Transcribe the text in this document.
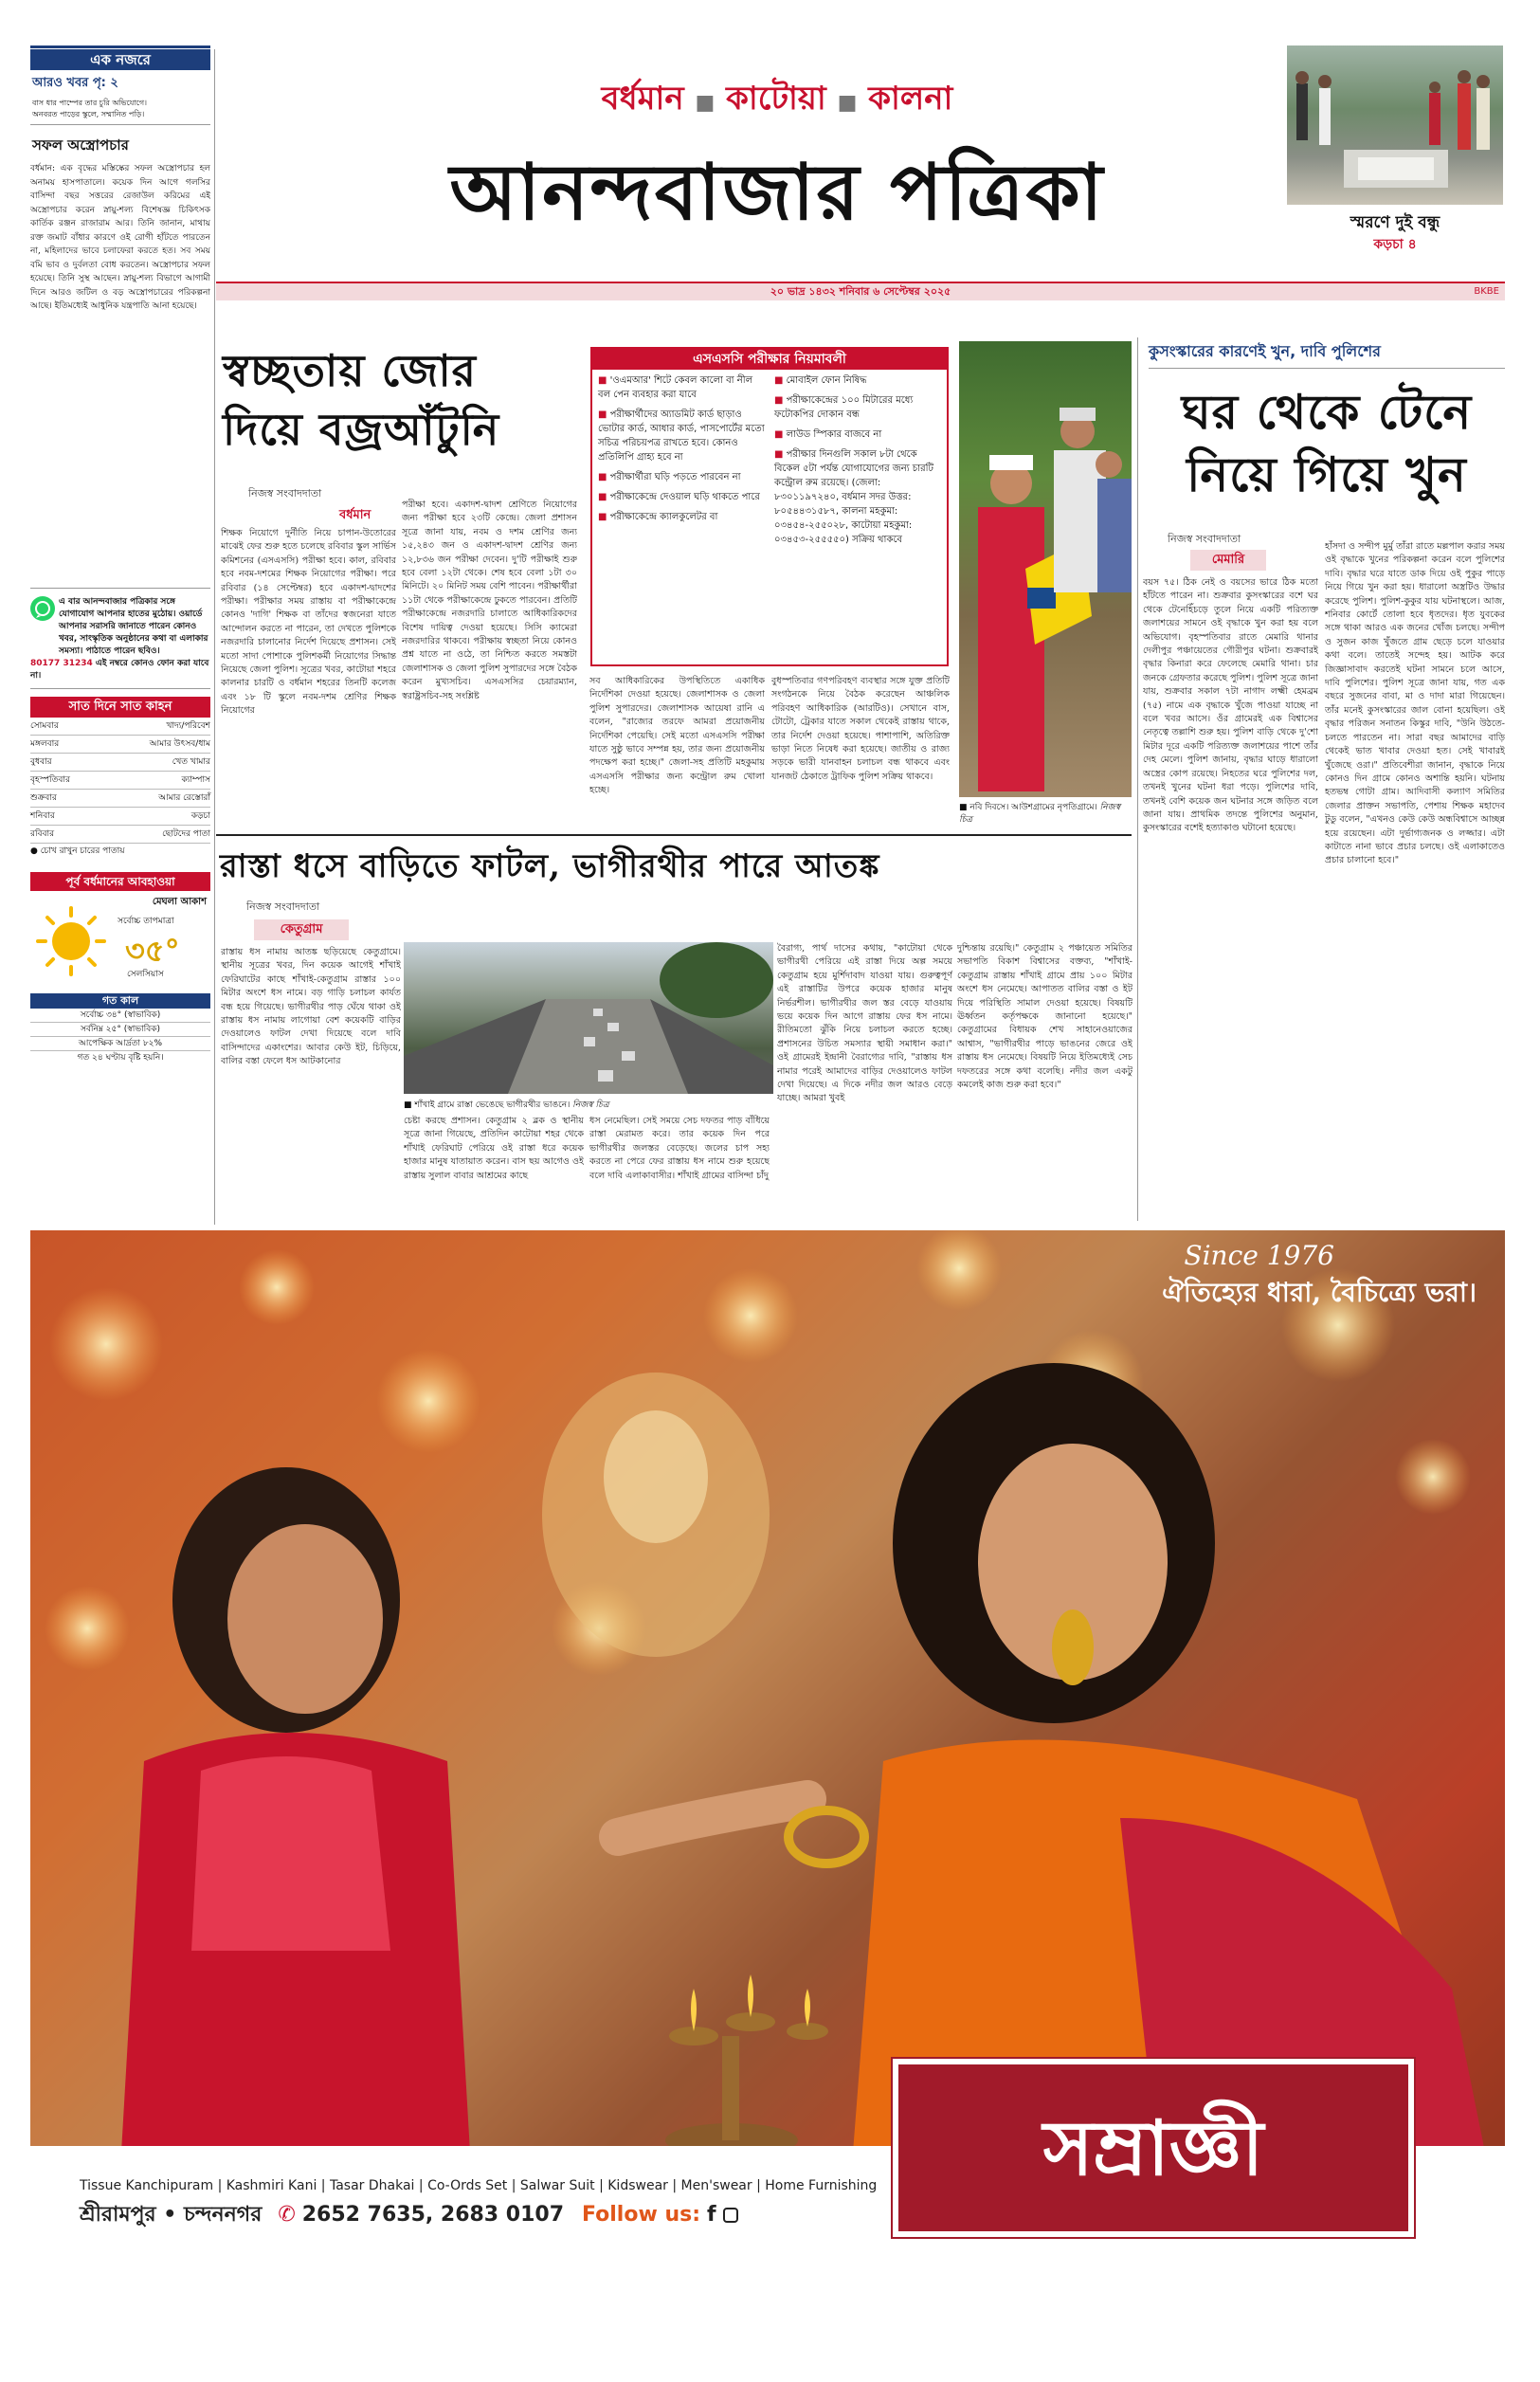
বর্ধমান ■ কাটোয়া ■ কালনা
আনন্দবাজার পত্রিকা
২০ ভাদ্র ১৪৩২ শনিবার ৬ সেপ্টেম্বর ২০২৫	BKBE
স্মরণে দুই বন্ধু
কড়চা ৪
এক নজরে
আরও খবর পৃ: ২
বাস ধার পাম্পের তার চুরি অভিযোগে।
অনবরত পাড়ের স্কুলে, সম্মানিত পড়ি।
সফল অস্ত্রোপচার
বর্ধমান: এক বৃদ্ধের মস্তিষ্কের সফল অস্ত্রোপচার হল অনাময় হাসপাতালে। কয়েক দিন আগে গলসির বাসিন্দা বছর সত্তরের রেজাউল করিমের এই অস্ত্রোপচার করেন স্নায়ু-শল্য বিশেষজ্ঞ চিকিৎসক কার্তিক রঞ্জন রাজারাম আর। তিনি জানান, মাথায় রক্ত জমাট বাঁধার কারণে ওই রোগী হাঁটতে পারতেন না, মহিলাদের ভাবে চলাফেরা করতে হত। সব সময় বমি ভাব ও দুর্বলতা বোধ করতেন। অস্ত্রোপচার সফল হয়েছে। তিনি সুস্থ আছেন। স্নায়ু-শল্য বিভাগে আগামী দিনে আরও জটিল ও বড় অস্ত্রোপচারের পরিকল্পনা আছে। ইতিমধ্যেই আধুনিক যন্ত্রপাতি আনা হয়েছে।
এ বার আনন্দবাজার পত্রিকার সঙ্গে যোগাযোগ আপনার হাতের মুঠোয়। ওয়ার্ডে আপনার সরাসরি জানাতে পারেন কোনও খবর, সাংস্কৃতিক অনুষ্ঠানের কথা বা এলাকার সমস্যা। পাঠাতে পারেন ছবিও।
80177 31234 এই নম্বরে কোনও ফোন করা যাবে না।
সাত দিনে সাত কাহন
সোমবার	খাদ্য/পরিবেশ
মঙ্গলবার	আমার উৎসব/ধাম
বুধবার	খেত খামার
বৃহস্পতিবার	ক্যাম্পাস
শুক্রবার	আমার রেস্তোরাঁ
শনিবার	কড়চা
রবিবার	ছোটদের পাতা
● চোখ রাখুন চারের পাতায়
পূর্ব বর্ধমানের আবহাওয়া
মেঘলা আকাশ
সর্বোচ্চ তাপমাত্রা
৩৫°
সেলসিয়াস
গত কাল
সর্বোচ্চ ৩৪° (স্বাভাবিক)
সর্বনিম্ন ২৫° (স্বাভাবিক)
আপেক্ষিক আর্দ্রতা ৮২%
গত ২৪ ঘণ্টায় বৃষ্টি হয়নি।
স্বচ্ছতায় জোর
দিয়ে বজ্রআঁটুনি
নিজস্ব সংবাদদাতা
বর্ধমান
শিক্ষক নিয়োগে দুর্নীতি নিয়ে চাপান-উতোরের মাঝেই ফের শুরু হতে চলেছে রবিবার স্কুল সার্ভিস কমিশনের (এসএসসি) পরীক্ষা হবে। কাল, রবিবার হবে নবম-দশমের শিক্ষক নিয়োগের পরীক্ষা। পরে রবিবার (১৪ সেপ্টেম্বর) হবে একাদশ-দ্বাদশের পরীক্ষা। পরীক্ষার সময় রাস্তায় বা পরীক্ষাকেন্দ্রে কোনও 'দাগি' শিক্ষক বা তাঁদের স্বজনেরা যাতে আন্দোলন করতে না পারেন, তা দেখতে পুলিশকে নজরদারি চালানোর নির্দেশ দিয়েছে প্রশাসন। সেই মতো সাদা পোশাকে পুলিশকর্মী নিয়োগের সিদ্ধান্ত নিয়েছে জেলা পুলিশ। সূত্রের খবর, কাটোয়া শহরে কালনার চারটি ও বর্ধমান শহরের তিনটি কলেজ এবং ১৮ টি স্কুলে নবম-দশম শ্রেণির শিক্ষক নিয়োগের
পরীক্ষা হবে। একাদশ-দ্বাদশ শ্রেণিতে নিয়োগের জন্য পরীক্ষা হবে ২৩টি কেন্দ্রে। জেলা প্রশাসন সূত্রে জানা যায়, নবম ও দশম শ্রেণির জন্য ১৫,২৪৩ জন ও একাদশ-দ্বাদশ শ্রেণির জন্য ১২,৮৩৬ জন পরীক্ষা দেবেন। দু'টি পরীক্ষাই শুরু হবে বেলা ১২টা থেকে। শেষ হবে বেলা ১টা ৩০ মিনিটে। ২০ মিনিট সময় বেশি পাবেন। পরীক্ষার্থীরা ১১টা থেকে পরীক্ষাকেন্দ্রে ঢুকতে পারবেন। প্রতিটি পরীক্ষাকেন্দ্রে নজরদারি চালাতে আধিকারিকদের বিশেষ দায়িত্ব দেওয়া হয়েছে। সিসি ক্যামেরা নজরদারির থাকবে। পরীক্ষায় স্বচ্ছতা নিয়ে কোনও প্রশ্ন যাতে না ওঠে, তা নিশ্চিত করতে সমস্তটা জেলাশাসক ও জেলা পুলিশ সুপারদের সঙ্গে বৈঠক করেন মুখ্যসচিব। এসএসসির চেয়ারম্যান, স্বরাষ্ট্রসচিব-সহ সংশ্লিষ্ট
এসএসসি পরীক্ষার নিয়মাবলী
■ 'ওএমআর' শিটে কেবল কালো বা নীল বল পেন ব্যবহার করা যাবে
■ পরীক্ষার্থীদের অ্যাডমিট কার্ড ছাড়াও ভোটার কার্ড, আধার কার্ড, পাসপোর্টের মতো সচিত্র পরিচয়পত্র রাখতে হবে। কোনও প্রতিলিপি গ্রাহ্য হবে না
■ পরীক্ষার্থীরা ঘড়ি পড়তে পারবেন না
■ পরীক্ষাকেন্দ্রে দেওয়াল ঘড়ি থাকতে পারে
■ পরীক্ষাকেন্দ্রে ক্যালকুলেটর বা
■ মোবাইল ফোন নিষিদ্ধ
■ পরীক্ষাকেন্দ্রের ১০০ মিটারের মধ্যে ফটোকপির দোকান বন্ধ
■ লাউড স্পিকার বাজবে না
■ পরীক্ষার দিনগুলি সকাল ৮টা থেকে বিকেল ৫টা পর্যন্ত যোগাযোগের জন্য চারটি কন্ট্রোল রুম রয়েছে। (জেলা: ৮৩০১১৯৭২৪০, বর্ধমান সদর উত্তর: ৮০৫৪৪৩১৫৮৭, কালনা মহকুমা: ০৩৪৫৪-২৫৫০২৮, কাটোয়া মহকুমা: ০৩৪৫৩-২৫৫৫৫০) সক্রিয় থাকবে
সব আধিকারিকের উপস্থিতিতে একাধিক নির্দেশিকা দেওয়া হয়েছে। জেলাশাসক ও জেলা পুলিশ সুপারদের। জেলাশাসক আয়েষা রানি এ বলেন, "রাজ্যের তরফে আমরা প্রয়োজনীয় নির্দেশিকা পেয়েছি। সেই মতো এসএসসি পরীক্ষা যাতে সুষ্ঠু ভাবে সম্পন্ন হয়, তার জন্য প্রয়োজনীয় পদক্ষেপ করা হচ্ছে।" জেলা-সহ প্রতিটি মহকুমায় এসএসসি পরীক্ষার জন্য কন্ট্রোল রুম খোলা হচ্ছে।
বুধস্পতিবার গণপরিবহণ ব্যবস্থার সঙ্গে যুক্ত প্রতিটি সংগঠনকে নিয়ে বৈঠক করেছেন আঞ্চলিক পরিবহণ আধিকারিক (আরটিও)। সেখানে বাস, টোটো, ট্রেকার যাতে সকাল থেকেই রাস্তায় থাকে, তার নির্দেশ দেওয়া হয়েছে। পাশাপাশি, অতিরিক্ত ভাড়া নিতে নিষেধ করা হয়েছে। জাতীয় ও রাজ্য সড়কে ভারী যানবাহন চলাচল বন্ধ থাকবে এবং যানজট ঠেকাতে ট্রাফিক পুলিশ সক্রিয় থাকবে।
■ নবি দিবসে। আউশগ্রামের নৃপতিগ্রামে। নিজস্ব চিত্র
কুসংস্কারের কারণেই খুন, দাবি পুলিশের
ঘর থেকে টেনে
নিয়ে গিয়ে খুন
নিজস্ব সংবাদদাতা
মেমারি
বয়স ৭৫। ঠিক নেই ও বয়সের ভারে ঠিক মতো হাঁটতে পারেন না। শুক্রবার কুসংস্কারের বশে ঘর থেকে টেনেহিঁচড়ে তুলে নিয়ে একটি পরিত্যক্ত জলাশয়ের সামনে ওই বৃদ্ধাকে খুন করা হয় বলে অভিযোগ। বৃহস্পতিবার রাতে মেমারি থানার দেলীপুর পঞ্চায়েতের গৌরীপুর ঘটনা। শুক্রবারই বৃদ্ধার কিনারা করে ফেলেছে মেমারি থানা। চার জনকে গ্রেফতার করেছে পুলিশ। পুলিশ সূত্রে জানা যায়, শুক্রবার সকাল ৭টা নাগাদ লক্ষ্মী হেমব্রম (৭৫) নামে এক বৃদ্ধাকে খুঁজে পাওয়া যাচ্ছে না বলে খবর আসে। ওঁর গ্রামেরই এক বিশ্বাসের নেতৃত্বে তল্লাশি শুরু হয়। পুলিশ বাড়ি থেকে দু'শো মিটার দূরে একটি পরিত্যক্ত জলাশয়ের পাশে তাঁর দেহ মেলে। পুলিশ জানায়, বৃদ্ধার ঘাড়ে ধারালো অস্ত্রের কোপ রয়েছে। নিহতের ঘরে পুলিশের দল, তখনই খুনের ঘটনা ধরা পড়ে। পুলিশের দাবি, তখনই বেশি কয়েক জন ঘটনার সঙ্গে জড়িত বলে জানা যায়। প্রাথমিক তদন্তে পুলিশের অনুমান, কুসংস্কারের বশেই হত্যাকাণ্ড ঘটানো হয়েছে।
হাঁসদা ও সন্দীপ মুর্মু তাঁরা রাতে মল্লপাল করার সময় ওই বৃদ্ধাকে খুনের পরিকল্পনা করেন বলে পুলিশের দাবি। বৃদ্ধার ঘরে যাতে ডাক দিয়ে ওই পুকুর পাড়ে নিয়ে গিয়ে খুন করা হয়। ধারালো অস্ত্রটিও উদ্ধার করেছে পুলিশ। পুলিশ-কুকুর যায় ঘটনাস্থলে। আজ, শনিবার কোর্টে তোলা হবে ধৃতদের। ধৃত যুবকের সঙ্গে থাকা আরও এক জনের খোঁজ চলছে। সন্দীপ ও সুজন কাজ খুঁজতে গ্রাম ছেড়ে চলে যাওয়ার কথা বলে। তাতেই সন্দেহ হয়। আটক করে জিজ্ঞাসাবাদ করতেই ঘটনা সামনে চলে আসে, দাবি পুলিশের। পুলিশ সূত্রে জানা যায়, গত এক বছরে সুজনের বাবা, মা ও দাদা মারা গিয়েছেন। তাঁর মনেই কুসংস্কারের জাল বোনা হয়েছিল। ওই বৃদ্ধার পরিজন সনাতন কিস্কুর দাবি, "উনি উঠতে-চলতে পারতেন না। সারা বছর আমাদের বাড়ি থেকেই ভাত খাবার দেওয়া হত। সেই খাবারই খুঁজেছে ওরা।" প্রতিবেশীরা জানান, বৃদ্ধাকে নিয়ে কোনও দিন গ্রামে কোনও অশান্তি হয়নি। ঘটনায় হতভম্ব গোটা গ্রাম। আদিবাসী কল্যাণ সমিতির জেলার প্রাক্তন সভাপতি, পেশায় শিক্ষক মহাদেব টুডু বলেন, "এখনও কেউ কেউ অন্ধবিশ্বাসে আচ্ছন্ন হয়ে রয়েছেন। এটা দুর্ভাগ্যজনক ও লজ্জার। এটা কাটাতে নানা ভাবে প্রচার চলছে। ওই এলাকাতেও প্রচার চালানো হবে।"
রাস্তা ধসে বাড়িতে ফাটল, ভাগীরথীর পারে আতঙ্ক
নিজস্ব সংবাদদাতা
কেতুগ্রাম
রাস্তায় ধস নামায় আতঙ্ক ছড়িয়েছে কেতুগ্রামে। স্থানীয় সূত্রের খবর, দিন কয়েক আগেই শাঁখাই ফেরিঘাটের কাছে শাঁখাই-কেতুগ্রাম রাস্তার ১০০ মিটার অংশে ধস নামে। বড় গাড়ি চলাচল কার্যত বন্ধ হয়ে গিয়েছে। ভাগীরথীর পাড় ঘেঁষে থাকা ওই রাস্তায় ধস নামায় লাগোয়া বেশ কয়েকটি বাড়ির দেওয়ালেও ফাটল দেখা দিয়েছে বলে দাবি বাসিন্দাদের একাংশের। আবার কেউ ইট, চিড়িয়ে, বালির বস্তা ফেলে ধস আটকানোর
■ শাঁখাই গ্রামে রাস্তা ভেঙেছে ভাগীরথীর ভাঙনে। নিজস্ব চিত্র
চেষ্টা করছে প্রশাসন। কেতুগ্রাম ২ ব্লক ও স্থানীয় সূত্রে জানা গিয়েছে, প্রতিদিন কাটোয়া শহর থেকে শাঁখাই ফেরিঘাট পেরিয়ে ওই রাস্তা ধরে কয়েক হাজার মানুষ যাতায়াত করেন। বাস ছয় আগেও ওই রাস্তায় সুলাল বাবার আশ্রমের কাছে
ধস নেমেছিল। সেই সময়ে সেচ দফতর পাড় বাঁধিয়ে রাস্তা মেরামত করে। তার কয়েক দিন পরে ভাগীরথীর জলস্তর বেড়েছে। জলের চাপ সহ্য করতে না পেরে ফের রাস্তায় ধস নামে শুরু হয়েছে বলে দাবি এলাকাবাসীর। শাঁখাই গ্রামের বাসিন্দা চাঁদু
বৈরাগ্য, পার্থ দাসের কথায়, "কাটোয়া থেকে ভাগীরথী পেরিয়ে এই রাস্তা দিয়ে অল্প সময়ে কেতুগ্রাম হয়ে মুর্শিদাবাদ যাওয়া যায়। গুরুত্বপূর্ণ এই রাস্তাটির উপরে কয়েক হাজার মানুষ নির্ভরশীল। ভাগীরথীর জল স্তর বেড়ে যাওয়ায় ভয়ে কয়েক দিন আগে রাস্তায় ফের ধস নামে। রীতিমতো ঝুঁকি নিয়ে চলাচল করতে হচ্ছে। প্রশাসনের উচিত সমস্যার স্থায়ী সমাধান করা।" ওই গ্রামেরই ইন্দ্রানী বৈরাগ্যের দাবি, "রাস্তায় ধস নামার পরেই আমাদের বাড়ির দেওয়ালেও ফাটল দেখা দিয়েছে। এ দিকে নদীর জল আরও বেড়ে যাচ্ছে। আমরা খুবই
দুশ্চিন্তায় রয়েছি।" কেতুগ্রাম ২ পঞ্চায়েত সমিতির সভাপতি বিকাশ বিশ্বাসের বক্তব্য, "শাঁখাই-কেতুগ্রাম রাস্তায় শাঁখাই গ্রামে প্রায় ১০০ মিটার অংশে ধস নেমেছে। আপাতত বালির বস্তা ও ইট দিয়ে পরিস্থিতি সামাল দেওয়া হয়েছে। বিষয়টি ঊর্ধ্বতন কর্তৃপক্ষকে জানানো হয়েছে।" কেতুগ্রামের বিধায়ক শেখ সাহানেওয়াজের আশ্বাস, "ভাগীরথীর পাড়ে ভাঙনের জেরে ওই রাস্তায় ধস নেমেছে। বিষয়টি নিয়ে ইতিমধ্যেই সেচ দফতরের সঙ্গে কথা বলেছি। নদীর জল একটু কমলেই কাজ শুরু করা হবে।"
Since 1976
ঐতিহ্যের ধারা, বৈচিত্র্যে ভরা।
Tissue Kanchipuram | Kashmiri Kani | Tasar Dhakai | Co-Ords Set | Salwar Suit | Kidswear | Men'swear | Home Furnishing
শ্রীরামপুর • চন্দননগর ✆ 2652 7635, 2683 0107 Follow us: f
সম্রাজ্ঞী
